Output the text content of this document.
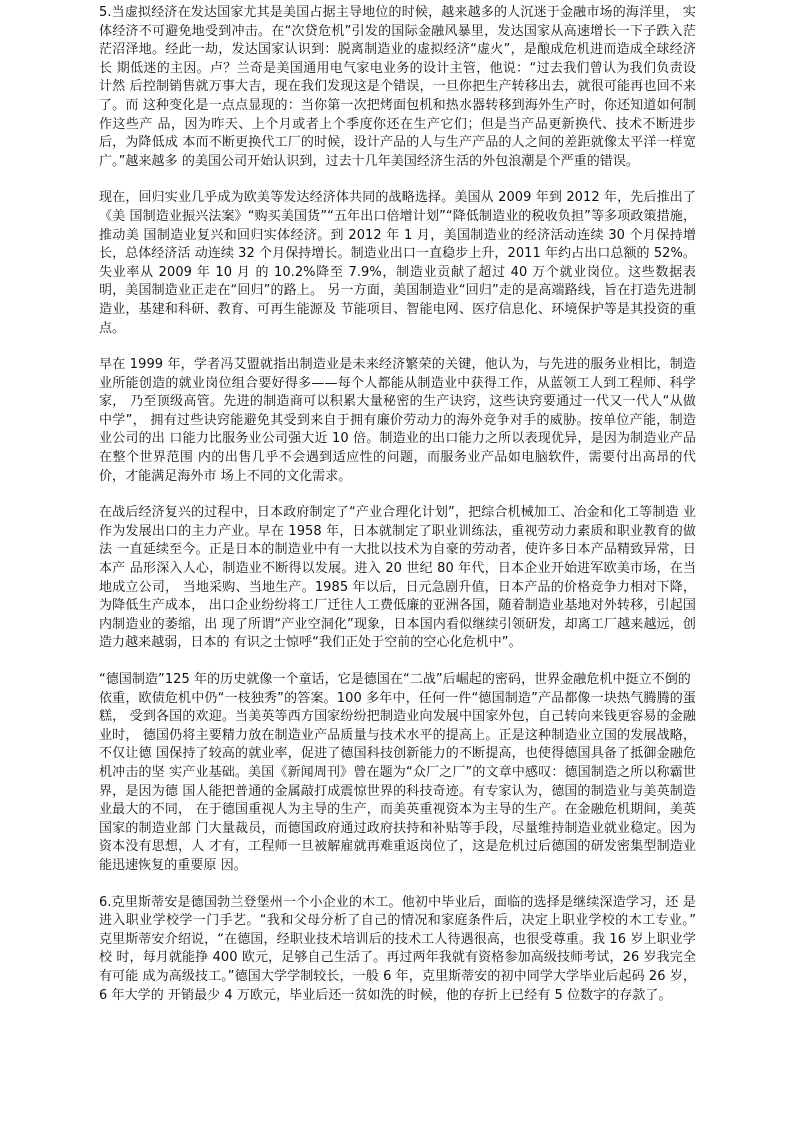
5.当虚拟经济在发达国家尤其是美国占据主导地位的时候，越来越多的人沉迷于金融市场的海洋里， 实体经济不可避免地受到冲击。在“次贷危机”引发的国际金融风暴里，发达国家从高速增长一下子跌入茫 茫沼泽地。经此一劫，发达国家认识到：脱离制造业的虚拟经济“虚火”，是酿成危机进而造成全球经济长 期低迷的主因。卢？兰奇是美国通用电气家电业务的设计主管，他说：“过去我们曾认为我们负责设计然 后控制销售就万事大吉，现在我们发现这是个错误，一旦你把生产转移出去，就很可能再也回不来了。而 这种变化是一点点显现的：当你第一次把烤面包机和热水器转移到海外生产时，你还知道如何制作这些产 品，因为昨天、上个月或者上个季度你还在生产它们；但是当产品更新换代、技术不断进步后，为降低成 本而不断更换代工厂的时候，设计产品的人与生产产品的人之间的差距就像太平洋一样宽广。”越来越多 的美国公司开始认识到，过去十几年美国经济生活的外包浪潮是个严重的错误。

现在，回归实业几乎成为欧美等发达经济体共同的战略选择。美国从 2009 年到 2012 年，先后推出了《美 国制造业振兴法案》“购买美国货”“五年出口倍增计划”“降低制造业的税收负担”等多项政策措施，推动美 国制造业复兴和回归实体经济。到 2012 年 1 月，美国制造业的经济活动连续 30 个月保持增长，总体经济活 动连续 32 个月保持增长。制造业出口一直稳步上升，2011 年约占出口总额的 52%。失业率从 2009 年 10 月 的 10.2%降至 7.9%，制造业贡献了超过 40 万个就业岗位。这些数据表明，美国制造业正走在“回归”的路上。 另一方面，美国制造业“回归”走的是高端路线，旨在打造先进制造业，基建和科研、教育、可再生能源及 节能项目、智能电网、医疗信息化、环境保护等是其投资的重点。

早在 1999 年，学者冯艾盟就指出制造业是未来经济繁荣的关键，他认为，与先进的服务业相比，制造 业所能创造的就业岗位组合要好得多——每个人都能从制造业中获得工作，从蓝领工人到工程师、科学家， 乃至顶级高管。先进的制造商可以积累大量秘密的生产诀窍，这些诀窍要通过一代又一代人“从做中学”， 拥有过些诀窍能避免其受到来自于拥有廉价劳动力的海外竞争对手的威胁。按单位产能，制造业公司的出 口能力比服务业公司强大近 10 倍。制造业的出口能力之所以表现优异，是因为制造业产品在整个世界范围 内的出售几乎不会遇到适应性的问题，而服务业产品如电脑软件，需要付出高昂的代价，才能满足海外市 场上不同的文化需求。

在战后经济复兴的过程中，日本政府制定了“产业合理化计划”，把综合机械加工、冶金和化工等制造 业作为发展出口的主力产业。早在 1958 年，日本就制定了职业训练法，重视劳动力素质和职业教育的做法 一直延续至今。正是日本的制造业中有一大批以技术为自豪的劳动者，使许多日本产品精致异常，日本产 品形深入人心，制造业不断得以发展。进入 20 世纪 80 年代，日本企业开始进军欧美市场，在当地成立公司， 当地采购、当地生产。1985 年以后，日元急剧升值，日本产品的价格竞争力相对下降，为降低生产成本， 出口企业纷纷将工厂迁往人工费低廉的亚洲各国，随着制造业基地对外转移，引起国内制造业的萎缩，出 现了所谓“产业空洞化”现象，日本国内看似继续引领研发，却离工厂越来越远，创造力越来越弱，日本的 有识之士惊呼“我们正处于空前的空心化危机中”。

“德国制造”125 年的历史就像一个童话，它是德国在“二战”后崛起的密码，世界金融危机中挺立不倒的

依重，欧债危机中仍“一枝独秀”的答案。100 多年中，任何一件“德国制造”产品都像一块热气腾腾的蛋糕， 受到各国的欢迎。当美英等西方国家纷纷把制造业向发展中国家外包，自己转向来钱更容易的金融业时， 德国仍将主要精力放在制造业产品质量与技术水平的提高上。正是这种制造业立国的发展战略，不仅让德 国保持了较高的就业率，促进了德国科技创新能力的不断提高，也使得德国具备了抵御金融危机冲击的坚 实产业基础。美国《新闻周刊》曾在题为“众厂之厂”的文章中感叹：德国制造之所以称霸世界，是因为德 国人能把普通的金属敲打成震惊世界的科技奇迹。有专家认为，德国的制造业与美英制造业最大的不同， 在于德国重视人为主导的生产，而美英重视资本为主导的生产。在金融危机期间，美英国家的制造业部 门大量裁员，而德国政府通过政府扶持和补贴等手段，尽量维持制造业就业稳定。因为资本没有思想，人 才有，工程师一旦被解雇就再难重返岗位了，这是危机过后德国的研发密集型制造业能迅速恢复的重要原 因。

6.克里斯蒂安是德国勃兰登堡州一个小企业的木工。他初中毕业后，面临的选择是继续深造学习，还 是进入职业学校学一门手艺。“我和父母分析了自己的情况和家庭条件后，决定上职业学校的木工专业。” 克里斯蒂安介绍说，“在德国，经职业技术培训后的技术工人待遇很高，也很受尊重。我 16 岁上职业学校 时，每月就能挣 400 欧元，足够自己生活了。再过两年我就有资格参加高级技师考试，26 岁我完全有可能 成为高级技工。”德国大学学制较长，一般 6 年，克里斯蒂安的初中同学大学毕业后起码 26 岁，6 年大学的 开销最少 4 万欧元，毕业后还一贫如洗的时候，他的存折上已经有 5 位数字的存款了。
